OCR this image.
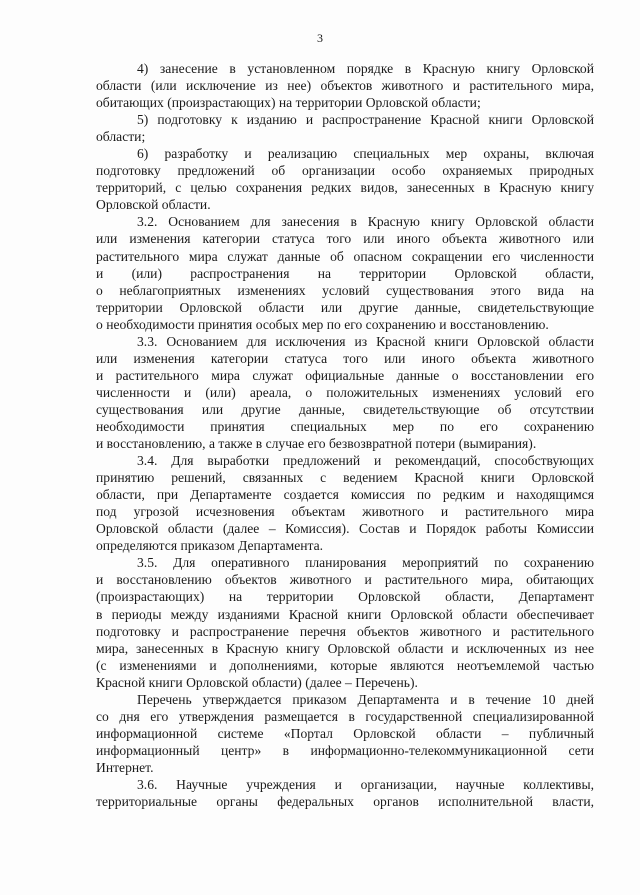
3
4) занесение в установленном порядке в Красную книгу Орловской
области (или исключение из нее) объектов животного и растительного мира,
обитающих (произрастающих) на территории Орловской области;
5) подготовку к изданию и распространение Красной книги Орловской
области;
6) разработку и реализацию специальных мер охраны, включая
подготовку предложений об организации особо охраняемых природных
территорий, с целью сохранения редких видов, занесенных в Красную книгу
Орловской области.
3.2. Основанием для занесения в Красную книгу Орловской области
или изменения категории статуса того или иного объекта животного или
растительного мира служат данные об опасном сокращении его численности
и (или) распространения на территории Орловской области,
о неблагоприятных изменениях условий существования этого вида на
территории Орловской области или другие данные, свидетельствующие
о необходимости принятия особых мер по его сохранению и восстановлению.
3.3. Основанием для исключения из Красной книги Орловской области
или изменения категории статуса того или иного объекта животного
и растительного мира служат официальные данные о восстановлении его
численности и (или) ареала, о положительных изменениях условий его
существования или другие данные, свидетельствующие об отсутствии
необходимости принятия специальных мер по его сохранению
и восстановлению, а также в случае его безвозвратной потери (вымирания).
3.4. Для выработки предложений и рекомендаций, способствующих
принятию решений, связанных с ведением Красной книги Орловской
области, при Департаменте создается комиссия по редким и находящимся
под угрозой исчезновения объектам животного и растительного мира
Орловской области (далее – Комиссия). Состав и Порядок работы Комиссии
определяются приказом Департамента.
3.5. Для оперативного планирования мероприятий по сохранению
и восстановлению объектов животного и растительного мира, обитающих
(произрастающих) на территории Орловской области, Департамент
в периоды между изданиями Красной книги Орловской области обеспечивает
подготовку и распространение перечня объектов животного и растительного
мира, занесенных в Красную книгу Орловской области и исключенных из нее
(с изменениями и дополнениями, которые являются неотъемлемой частью
Красной книги Орловской области) (далее – Перечень).
Перечень утверждается приказом Департамента и в течение 10 дней
со дня его утверждения размещается в государственной специализированной
информационной системе «Портал Орловской области – публичный
информационный центр» в информационно-телекоммуникационной сети
Интернет.
3.6. Научные учреждения и организации, научные коллективы,
территориальные органы федеральных органов исполнительной власти,
